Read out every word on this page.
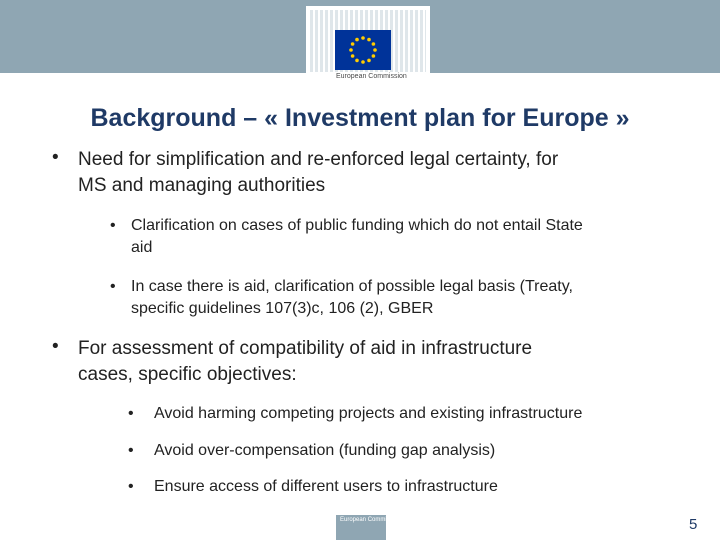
European Commission
Background – « Investment plan for Europe »
• Need for simplification and re-enforced legal certainty, for
MS and managing authorities
• Clarification on cases of public funding which do not entail State
aid
• In case there is aid, clarification of possible legal basis (Treaty,
specific guidelines 107(3)c, 106 (2), GBER
• For assessment of compatibility of aid in infrastructure
cases, specific objectives:
• Avoid harming competing projects and existing infrastructure
• Avoid over-compensation (funding gap analysis)
• Ensure access of different users to infrastructure
European Commission	5
